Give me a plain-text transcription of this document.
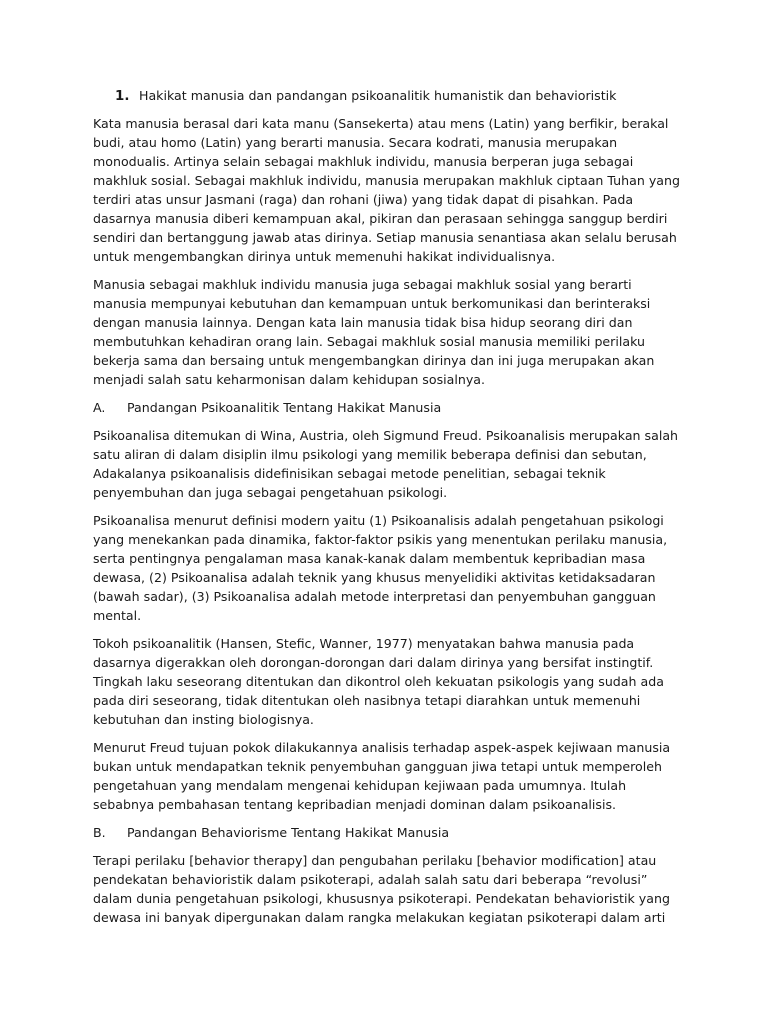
1. Hakikat manusia dan pandangan psikoanalitik humanistik dan behavioristik

Kata manusia berasal dari kata manu (Sansekerta) atau mens (Latin) yang berfikir, berakal budi, atau homo (Latin) yang berarti manusia. Secara kodrati, manusia merupakan monodualis. Artinya selain sebagai makhluk individu, manusia berperan juga sebagai makhluk sosial. Sebagai makhluk individu, manusia merupakan makhluk ciptaan Tuhan yang terdiri atas unsur Jasmani (raga) dan rohani (jiwa) yang tidak dapat di pisahkan. Pada dasarnya manusia diberi kemampuan akal, pikiran dan perasaan sehingga sanggup berdiri sendiri dan bertanggung jawab atas dirinya. Setiap manusia senantiasa akan selalu berusah untuk mengembangkan dirinya untuk memenuhi hakikat individualisnya.

Manusia sebagai makhluk individu manusia juga sebagai makhluk sosial yang berarti manusia mempunyai kebutuhan dan kemampuan untuk berkomunikasi dan berinteraksi dengan manusia lainnya. Dengan kata lain manusia tidak bisa hidup seorang diri dan membutuhkan kehadiran orang lain. Sebagai makhluk sosial manusia memiliki perilaku bekerja sama dan bersaing untuk mengembangkan dirinya dan ini juga merupakan akan menjadi salah satu keharmonisan dalam kehidupan sosialnya.

A.	Pandangan Psikoanalitik Tentang Hakikat Manusia

Psikoanalisa ditemukan di Wina, Austria, oleh Sigmund Freud. Psikoanalisis merupakan salah satu aliran di dalam disiplin ilmu psikologi yang memilik beberapa definisi dan sebutan, Adakalanya psikoanalisis didefinisikan sebagai metode penelitian, sebagai teknik penyembuhan dan juga sebagai pengetahuan psikologi.

Psikoanalisa menurut definisi modern yaitu (1) Psikoanalisis adalah pengetahuan psikologi yang menekankan pada dinamika, faktor-faktor psikis yang menentukan perilaku manusia, serta pentingnya pengalaman masa kanak-kanak dalam membentuk kepribadian masa dewasa, (2) Psikoanalisa adalah teknik yang khusus menyelidiki aktivitas ketidaksadaran (bawah sadar), (3) Psikoanalisa adalah metode interpretasi dan penyembuhan gangguan mental.

Tokoh psikoanalitik (Hansen, Stefic, Wanner, 1977) menyatakan bahwa manusia pada dasarnya digerakkan oleh dorongan-dorongan dari dalam dirinya yang bersifat instingtif. Tingkah laku seseorang ditentukan dan dikontrol oleh kekuatan psikologis yang sudah ada pada diri seseorang, tidak ditentukan oleh nasibnya tetapi diarahkan untuk memenuhi kebutuhan dan insting biologisnya.

Menurut Freud tujuan pokok dilakukannya analisis terhadap aspek-aspek kejiwaan manusia bukan untuk mendapatkan teknik penyembuhan gangguan jiwa tetapi untuk memperoleh pengetahuan yang mendalam mengenai kehidupan kejiwaan pada umumnya. Itulah sebabnya pembahasan tentang kepribadian menjadi dominan dalam psikoanalisis.

B.	Pandangan Behaviorisme Tentang Hakikat Manusia

Terapi perilaku [behavior therapy] dan pengubahan perilaku [behavior modification] atau pendekatan behavioristik dalam psikoterapi, adalah salah satu dari beberapa “revolusi” dalam dunia pengetahuan psikologi, khususnya psikoterapi. Pendekatan behavioristik yang dewasa ini banyak dipergunakan dalam rangka melakukan kegiatan psikoterapi dalam arti
